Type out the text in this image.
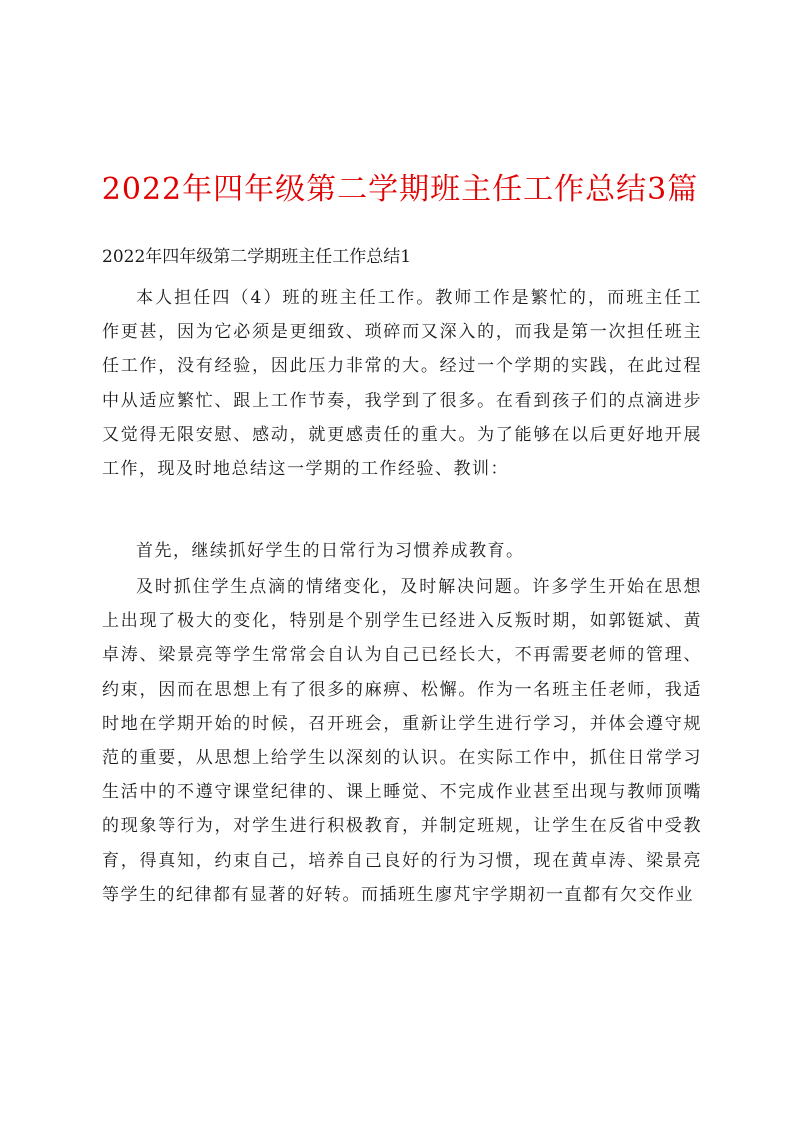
2022年四年级第二学期班主任工作总结3篇
2022年四年级第二学期班主任工作总结1
本人担任四（4）班的班主任工作。教师工作是繁忙的，而班主任工作更甚，因为它必须是更细致、琐碎而又深入的，而我是第一次担任班主任工作，没有经验，因此压力非常的大。经过一个学期的实践，在此过程中从适应繁忙、跟上工作节奏，我学到了很多。在看到孩子们的点滴进步又觉得无限安慰、感动，就更感责任的重大。为了能够在以后更好地开展工作，现及时地总结这一学期的工作经验、教训：
首先，继续抓好学生的日常行为习惯养成教育。
及时抓住学生点滴的情绪变化，及时解决问题。许多学生开始在思想上出现了极大的变化，特别是个别学生已经进入反叛时期，如郭铤斌、黄卓涛、梁景亮等学生常常会自认为自己已经长大，不再需要老师的管理、约束，因而在思想上有了很多的麻痹、松懈。作为一名班主任老师，我适时地在学期开始的时候，召开班会，重新让学生进行学习，并体会遵守规范的重要，从思想上给学生以深刻的认识。在实际工作中，抓住日常学习生活中的不遵守课堂纪律的、课上睡觉、不完成作业甚至出现与教师顶嘴的现象等行为，对学生进行积极教育，并制定班规，让学生在反省中受教育，得真知，约束自己，培养自己良好的行为习惯，现在黄卓涛、梁景亮等学生的纪律都有显著的好转。而插班生廖芃宇学期初一直都有欠交作业
